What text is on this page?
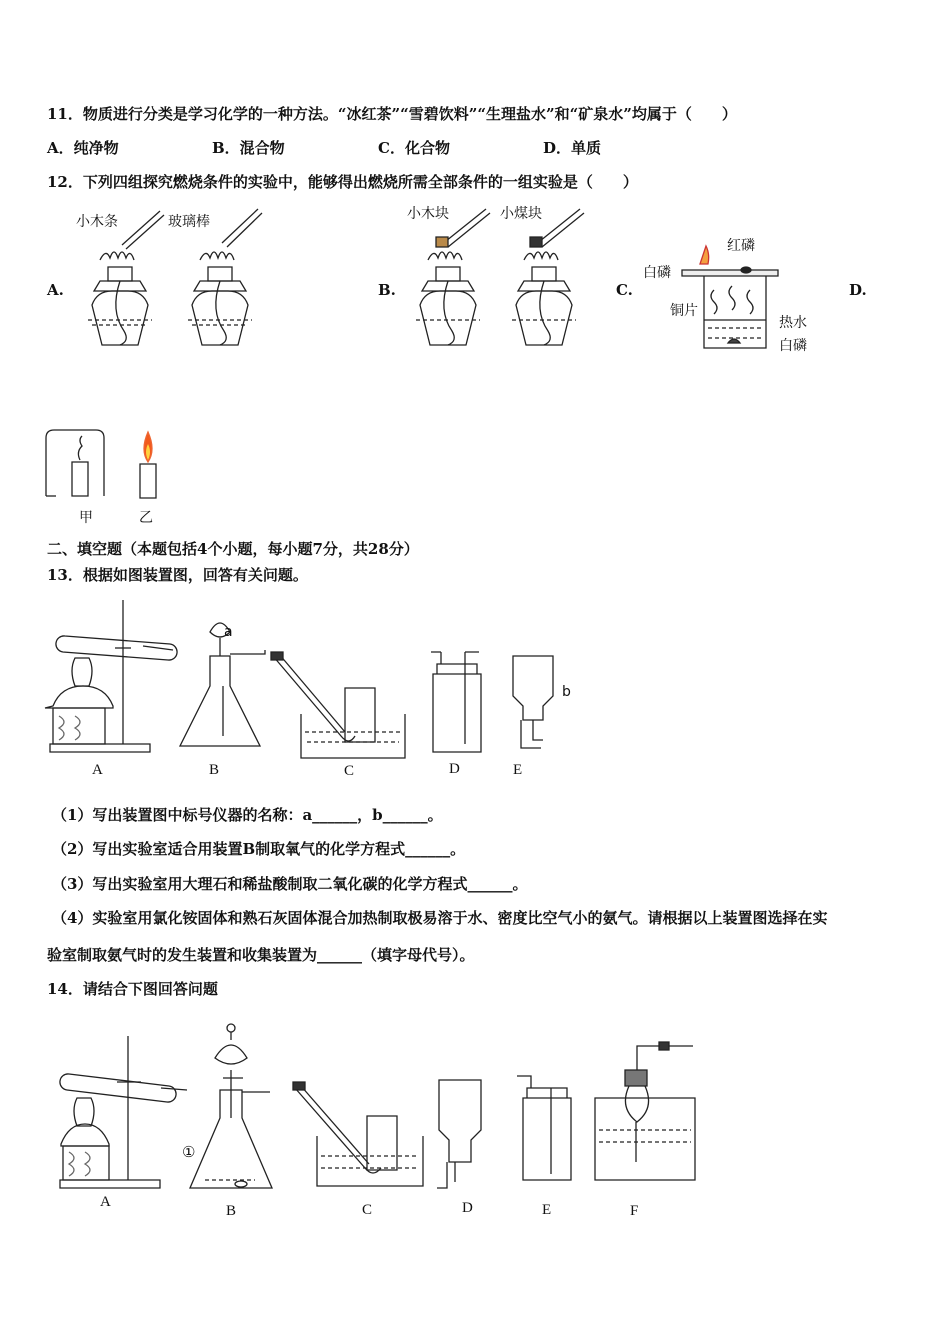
11．物质进行分类是学习化学的一种方法。“冰红茶”“雪碧饮料”“生理盐水”和“矿泉水”均属于（　　）
A．纯净物	B．混合物	C．化合物	D．单质
12．下列四组探究燃烧条件的实验中，能够得出燃烧所需全部条件的一组实验是（　　）
A.	B.	C.	D.
小木条	玻璃棒	小木块	小煤块
红磷
白磷
铜片
热水
白磷
甲	乙
二、填空题（本题包括4个小题，每小题7分，共28分）
13．根据如图装置图，回答有关问题。
a
b
A	B	C	D	E
（1）写出装置图中标号仪器的名称：a______，b______。
（2）写出实验室适合用装置B制取氧气的化学方程式______。
（3）写出实验室用大理石和稀盐酸制取二氧化碳的化学方程式______。
（4）实验室用氯化铵固体和熟石灰固体混合加热制取极易溶于水、密度比空气小的氨气。请根据以上装置图选择在实
验室制取氨气时的发生装置和收集装置为______（填字母代号）。
14．请结合下图回答问题
①
A
B	C	D	E	F
